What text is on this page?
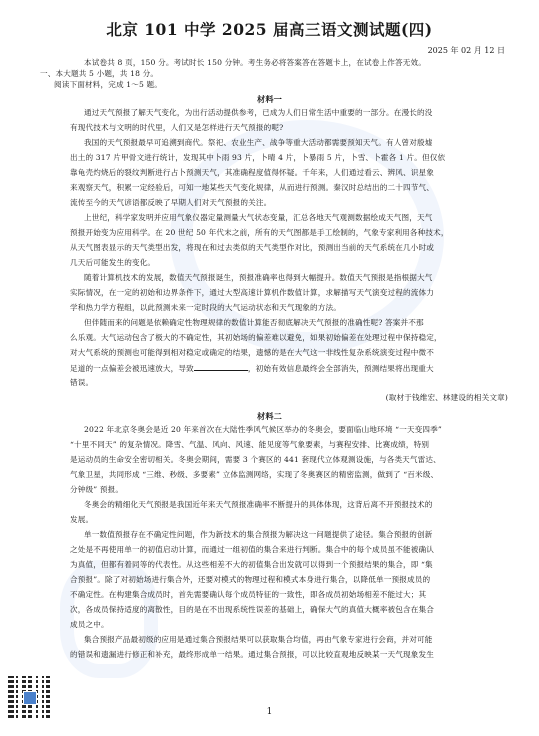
北京 101 中学 2025 届高三语文测试题(四)
2025 年 02 月 12 日
本试卷共 8 页，150 分。考试时长 150 分钟。考生务必将答案答在答题卡上，在试卷上作答无效。
一、本大题共 5 小题，共 18 分。
阅读下面材料，完成 1～5 题。
材料一
通过天气预报了解天气变化，为出行活动提供参考，已成为人们日常生活中重要的一部分。在漫长的没
有现代技术与文明的时代里，人们又是怎样进行天气预报的呢?
我国的天气预报最早可追溯到商代。祭祀、农业生产、战争等重大活动都需要预知天气。有人曾对殷墟
出土的 317 片甲骨文进行统计，发现其中卜雨 93 片，卜晴 4 片，卜暴雨 5 片，卜雪、卜霍各 1 片。但仅依
靠龟壳灼烧后的裂纹判断进行占卜预测天气，其准确程度值得怀疑。千年来，人们通过看云、辨风、识星象
来观察天气，积累一定经验后，可知一地某些天气变化规律，从而进行预测。秦汉时总结出的二十四节气、
流传至今的天气谚语都反映了早期人们对天气预报的关注。
上世纪，科学家发明并应用气象仪器定量测量大气状态变量，汇总各地天气观测数据绘成天气图，天气
预报开始变为应用科学。在 20 世纪 50 年代末之前，所有的天气图都是手工绘制的，气象专家利用各种技术，
从天气图表显示的天气类型出发，将现在和过去类似的天气类型作对比，预测出当前的天气系统在几小时或
几天后可能发生的变化。
随着计算机技术的发展，数值天气预报诞生，预报准确率也得到大幅提升。数值天气预报是指根据大气
实际情况，在一定的初始和边界条件下，通过大型高速计算机作数值计算，求解描写天气演变过程的流体力
学和热力学方程组，以此预测未来一定时段的大气运动状态和天气现象的方法。
但伴随而来的问题是依赖确定性物理规律的数值计算能否彻底解决天气预报的准确性呢? 答案并不那
么乐观。大气运动包含了极大的不确定性，其初始场的偏差难以避免，如果初始偏差在处理过程中保持稳定，
对大气系统的预测也可能得到相对稳定或确定的结果，遗憾的是在大气这一非线性复杂系统演变过程中微不
足道的一点偏差会被迅速放大，导致	，初始有效信息最终会全部消失，预测结果将出现重大
错误。
(取材于钱维宏、林建设的相关文章)
材料二
2022 年北京冬奥会是近 20 年来首次在大陆性季风气候区举办的冬奥会，要面临山地环境 “一天变四季”
“十里不同天” 的复杂情况。降雪、气温、风向、风速、能见度等气象要素，与赛程安排、比赛成绩，特别
是运动员的生命安全密切相关。冬奥会期间，需要 3 个赛区的 441 套现代立体观测设施，与各类天气雷达、
气象卫星，共同形成 “三维、秒级、多要素” 立体监测网络，实现了冬奥赛区的精密监测，做到了 “百米级、
分钟级” 预报。
冬奥会的精细化天气预报是我国近年来天气预报准确率不断提升的具体体现，这背后离不开预报技术的
发展。
单一数值预报存在不确定性问题，作为新技术的集合预报为解决这一问题提供了途径。集合预报的创新
之处是不再使用单一的初值启动计算，而通过一组初值的集合来进行判断。集合中的每个成员虽不能被确认
为真值，但都有着同等的代表性。从这些相差不大的初值集合出发就可以得到一个预报结果的集合，即 “集
合预报”。除了对初始场进行集合外，还要对模式的物理过程和模式本身进行集合，以降低单一预报成员的
不确定性。在构建集合成员时，首先需要确认每个成员特征的一致性，即各成员初始场相差不能过大；其
次，各成员保持适度的离散性，目的是在不出现系统性误差的基础上，确保大气的真值大概率被包含在集合
成员之中。
集合预报产品最初级的应用是通过集合预报结果可以获取集合均值，再由气象专家进行会商，并对可能
的错误和遗漏进行修正和补充，最终形成单一结果。通过集合预报，可以比较直观地反映某一天气现象发生
1
